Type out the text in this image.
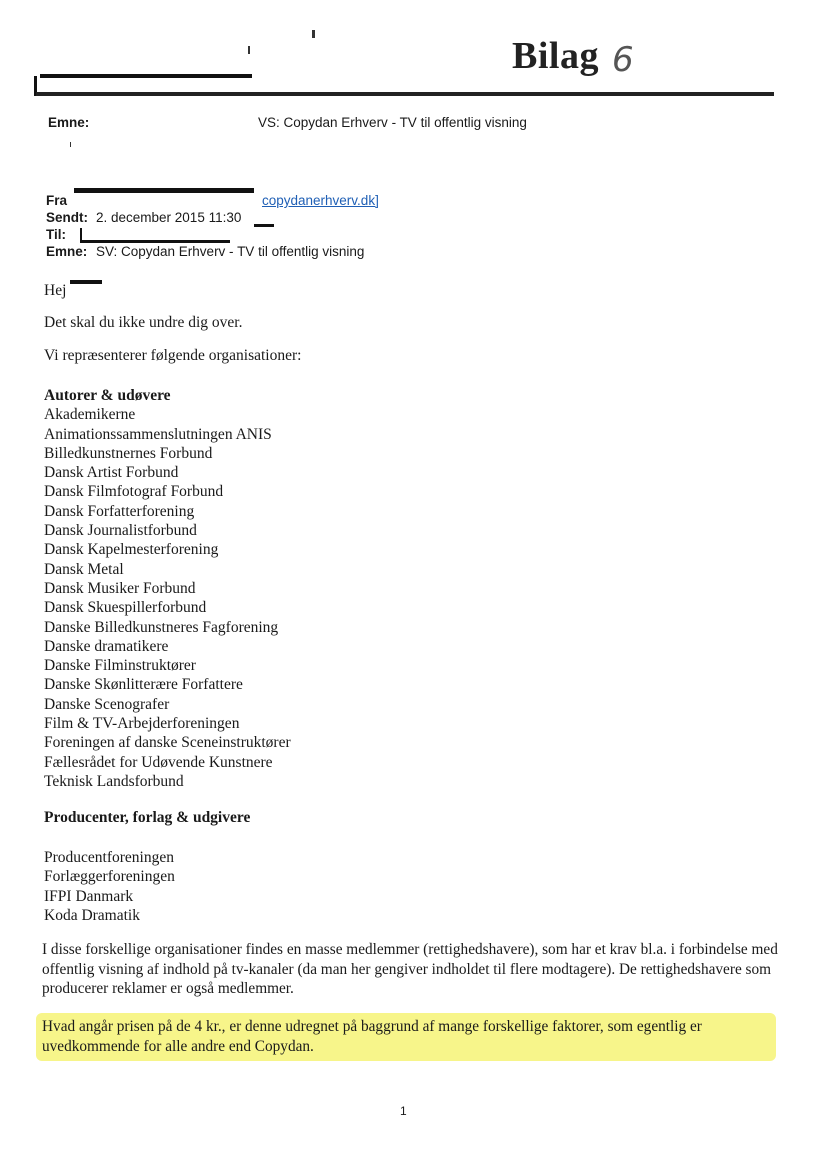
Bilag 6
Emne:	VS: Copydan Erhverv - TV til offentlig visning
Fra	copydanerhverv.dk]
Sendt: 2. december 2015 11:30
Til:
Emne: SV: Copydan Erhverv - TV til offentlig visning
Hej
Det skal du ikke undre dig over.
Vi repræsenterer følgende organisationer:
Autorer & udøvere
Akademikerne
Animationssammenslutningen ANIS
Billedkunstnernes Forbund
Dansk Artist Forbund
Dansk Filmfotograf Forbund
Dansk Forfatterforening
Dansk Journalistforbund
Dansk Kapelmesterforening
Dansk Metal
Dansk Musiker Forbund
Dansk Skuespillerforbund
Danske Billedkunstneres Fagforening
Danske dramatikere
Danske Filminstruktører
Danske Skønlitterære Forfattere
Danske Scenografer
Film & TV-Arbejderforeningen
Foreningen af danske Sceneinstruktører
Fællesrådet for Udøvende Kunstnere
Teknisk Landsforbund
Producenter, forlag & udgivere
Producentforeningen
Forlæggerforeningen
IFPI Danmark
Koda Dramatik
I disse forskellige organisationer findes en masse medlemmer (rettighedshavere), som har et krav bl.a. i forbindelse med offentlig visning af indhold på tv-kanaler (da man her gengiver indholdet til flere modtagere). De rettighedshavere som producerer reklamer er også medlemmer.
Hvad angår prisen på de 4 kr., er denne udregnet på baggrund af mange forskellige faktorer, som egentlig er uvedkommende for alle andre end Copydan.
1
